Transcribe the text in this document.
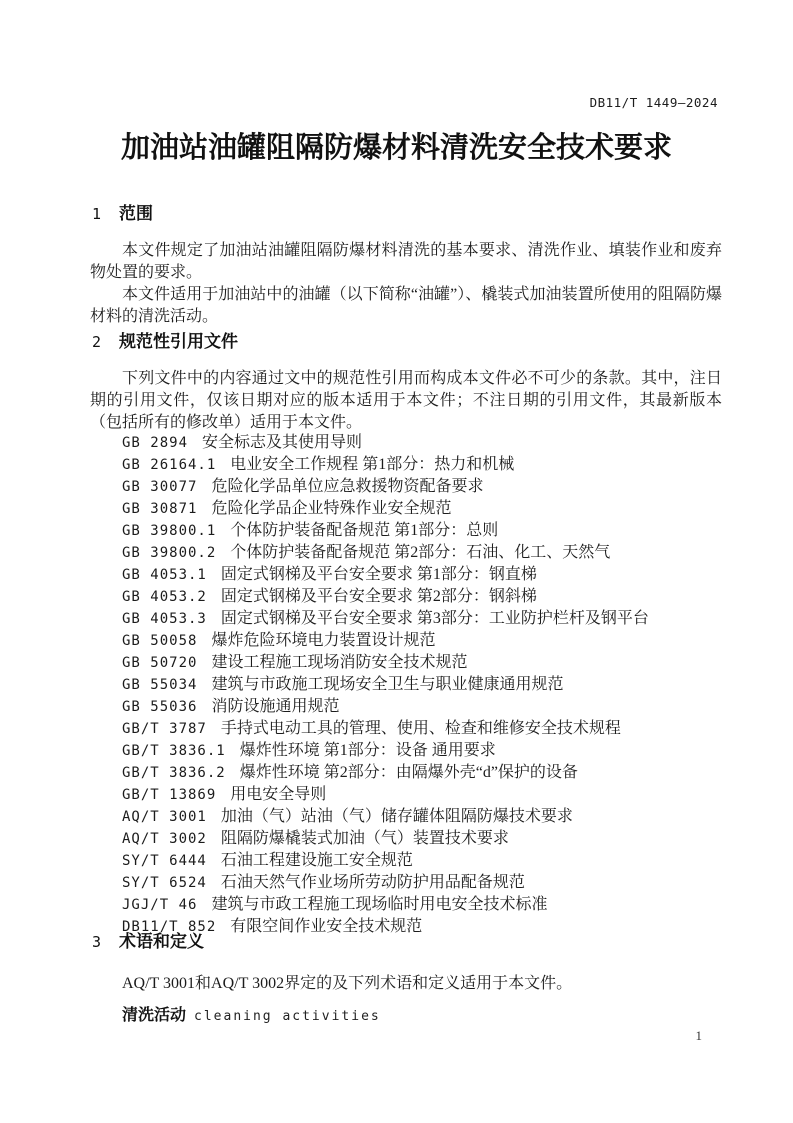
DB11/T 1449—2024
加油站油罐阻隔防爆材料清洗安全技术要求
1 范围

本文件规定了加油站油罐阻隔防爆材料清洗的基本要求、清洗作业、填装作业和废弃物处置的要求。

本文件适用于加油站中的油罐（以下简称“油罐”）、橇装式加油装置所使用的阻隔防爆材料的清洗活动。

2 规范性引用文件

下列文件中的内容通过文中的规范性引用而构成本文件必不可少的条款。其中，注日期的引用文件，仅该日期对应的版本适用于本文件；不注日期的引用文件，其最新版本（包括所有的修改单）适用于本文件。

GB 2894 安全标志及其使用导则
GB 26164.1 电业安全工作规程 第1部分：热力和机械
GB 30077 危险化学品单位应急救援物资配备要求
GB 30871 危险化学品企业特殊作业安全规范
GB 39800.1 个体防护装备配备规范 第1部分：总则
GB 39800.2 个体防护装备配备规范 第2部分：石油、化工、天然气
GB 4053.1 固定式钢梯及平台安全要求 第1部分：钢直梯
GB 4053.2 固定式钢梯及平台安全要求 第2部分：钢斜梯
GB 4053.3 固定式钢梯及平台安全要求 第3部分：工业防护栏杆及钢平台
GB 50058 爆炸危险环境电力装置设计规范
GB 50720 建设工程施工现场消防安全技术规范
GB 55034 建筑与市政施工现场安全卫生与职业健康通用规范
GB 55036 消防设施通用规范
GB/T 3787 手持式电动工具的管理、使用、检查和维修安全技术规程
GB/T 3836.1 爆炸性环境 第1部分：设备 通用要求
GB/T 3836.2 爆炸性环境 第2部分：由隔爆外壳“d”保护的设备
GB/T 13869 用电安全导则
AQ/T 3001 加油（气）站油（气）储存罐体阻隔防爆技术要求
AQ/T 3002 阻隔防爆橇装式加油（气）装置技术要求
SY/T 6444 石油工程建设施工安全规范
SY/T 6524 石油天然气作业场所劳动防护用品配备规范
JGJ/T 46 建筑与市政工程施工现场临时用电安全技术标准
DB11/T 852 有限空间作业安全技术规范
3 术语和定义

AQ/T 3001和AQ/T 3002界定的及下列术语和定义适用于本文件。

清洗活动 cleaning activities
1
